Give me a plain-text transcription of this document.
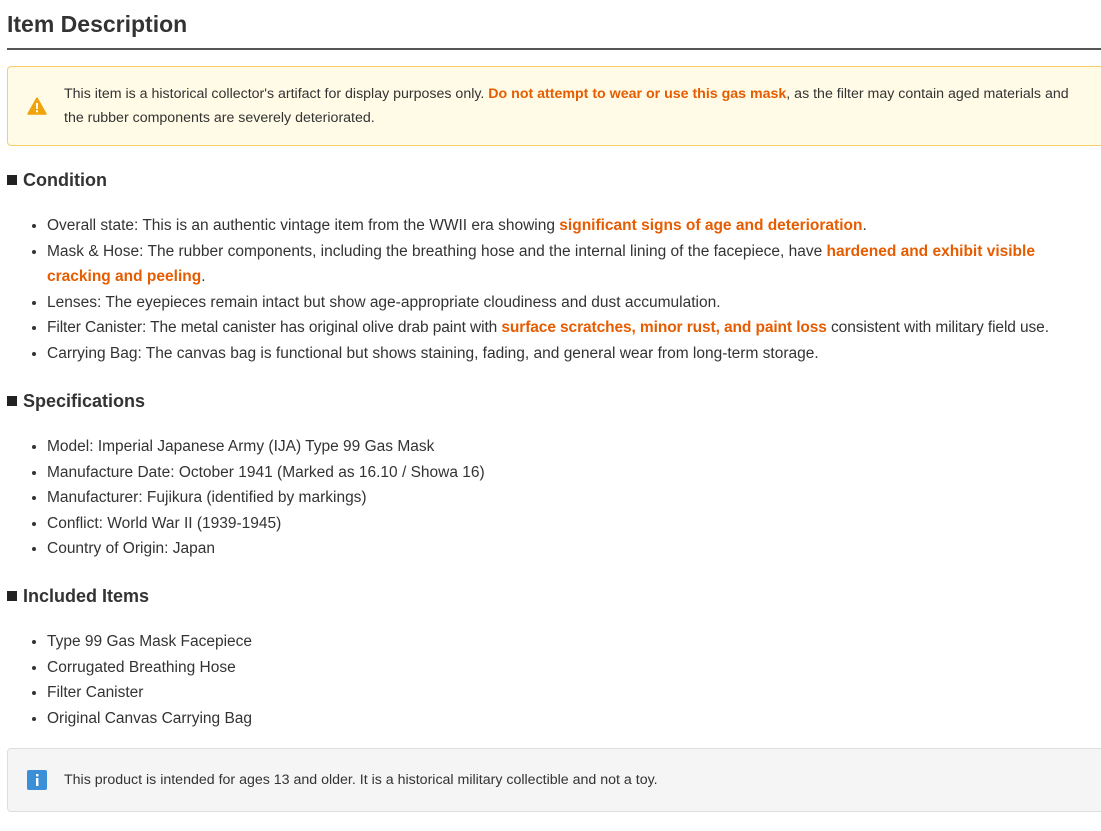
Item Description
This item is a historical collector's artifact for display purposes only. Do not attempt to wear or use this gas mask, as the filter may contain aged materials and the rubber components are severely deteriorated.
Condition
• Overall state: This is an authentic vintage item from the WWII era showing significant signs of age and deterioration.
• Mask & Hose: The rubber components, including the breathing hose and the internal lining of the facepiece, have hardened and exhibit visible cracking and peeling.
• Lenses: The eyepieces remain intact but show age-appropriate cloudiness and dust accumulation.
• Filter Canister: The metal canister has original olive drab paint with surface scratches, minor rust, and paint loss consistent with military field use.
• Carrying Bag: The canvas bag is functional but shows staining, fading, and general wear from long-term storage.
Specifications
• Model: Imperial Japanese Army (IJA) Type 99 Gas Mask
• Manufacture Date: October 1941 (Marked as 16.10 / Showa 16)
• Manufacturer: Fujikura (identified by markings)
• Conflict: World War II (1939-1945)
• Country of Origin: Japan
Included Items
• Type 99 Gas Mask Facepiece
• Corrugated Breathing Hose
• Filter Canister
• Original Canvas Carrying Bag
This product is intended for ages 13 and older. It is a historical military collectible and not a toy.
